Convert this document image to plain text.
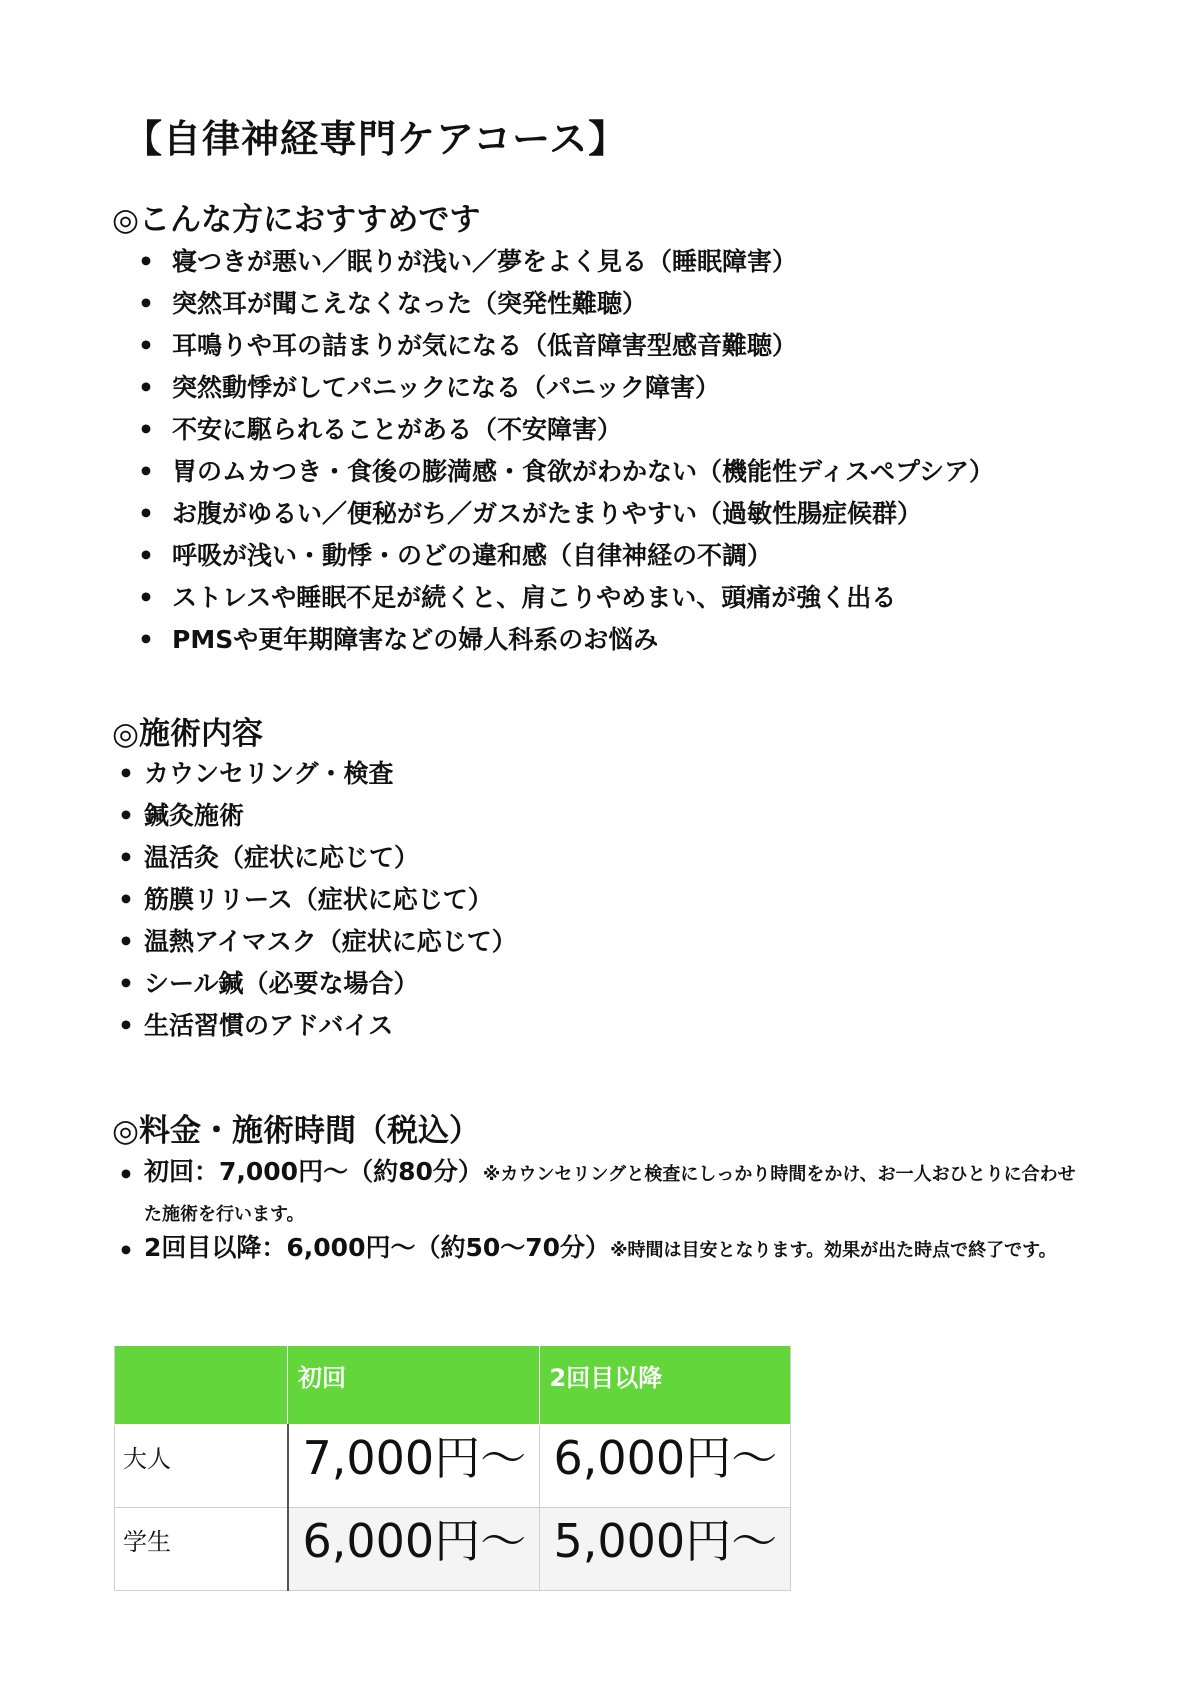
【自律神経専門ケアコース】
◎こんな方におすすめです
• 寝つきが悪い／眠りが浅い／夢をよく見る（睡眠障害）
• 突然耳が聞こえなくなった（突発性難聴）
• 耳鳴りや耳の詰まりが気になる（低音障害型感音難聴）
• 突然動悸がしてパニックになる（パニック障害）
• 不安に駆られることがある（不安障害）
• 胃のムカつき・食後の膨満感・食欲がわかない（機能性ディスペプシア）
• お腹がゆるい／便秘がち／ガスがたまりやすい（過敏性腸症候群）
• 呼吸が浅い・動悸・のどの違和感（自律神経の不調）
• ストレスや睡眠不足が続くと、肩こりやめまい、頭痛が強く出る
• PMSや更年期障害などの婦人科系のお悩み
◎施術内容
• カウンセリング・検査
• 鍼灸施術
• 温活灸（症状に応じて）
• 筋膜リリース（症状に応じて）
• 温熱アイマスク（症状に応じて）
• シール鍼（必要な場合）
• 生活習慣のアドバイス
◎料金・施術時間（税込）
• 初回：7,000円〜（約80分）※カウンセリングと検査にしっかり時間をかけ、お一人おひとりに合わせた施術を行います。
• 2回目以降：6,000円〜（約50〜70分）※時間は目安となります。効果が出た時点で終了です。
	初回	2回目以降
大人	7,000円〜	6,000円〜
学生	6,000円〜	5,000円〜
